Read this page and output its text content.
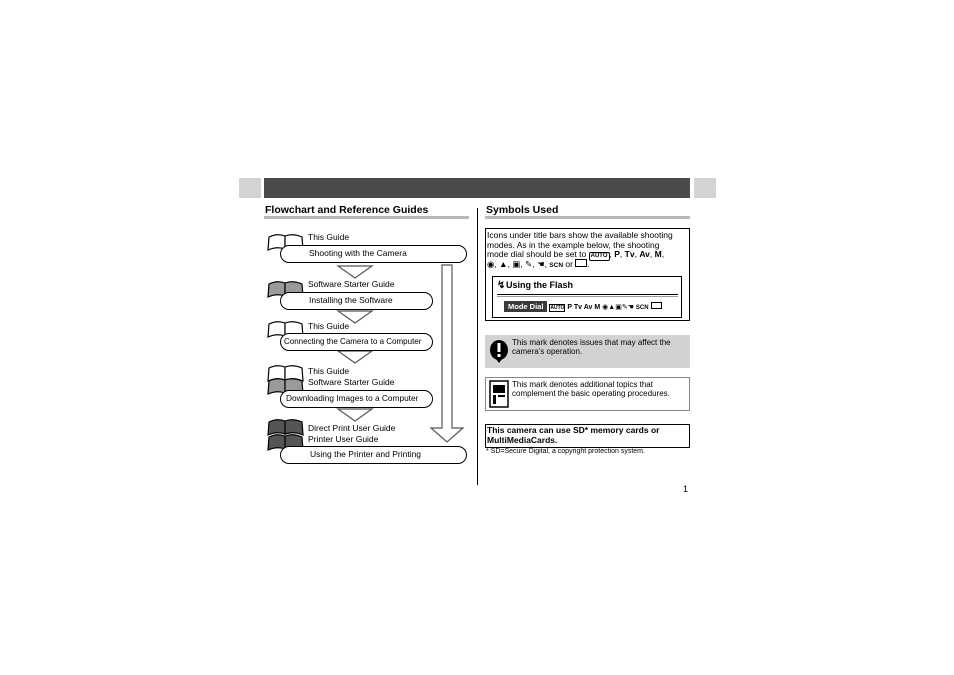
Flowchart and Reference Guides
This Guide
Software Starter Guide
This Guide
This Guide
Software Starter Guide
Direct Print User Guide
Printer User Guide
Shooting with the Camera
Installing the Software
Connecting the Camera to a Computer
Downloading Images to a Computer
Using the Printer and Printing
Symbols Used
Icons under title bars show the available shooting
modes. As in the example below, the shooting
mode dial should be set to AUTO , P, Tv, Av, M,
◉, ▲, ▣, ✎, ☚, SCN or .
↯ Using the Flash
Mode Dial AUTO P Tv Av M ◉▲▣✎☚ SCN
This mark denotes issues that may affect the
camera’s operation.
This mark denotes additional topics that
complement the basic operating procedures.
This camera can use SD* memory cards or
MultiMediaCards.
* SD=Secure Digital, a copyright protection system.
1
